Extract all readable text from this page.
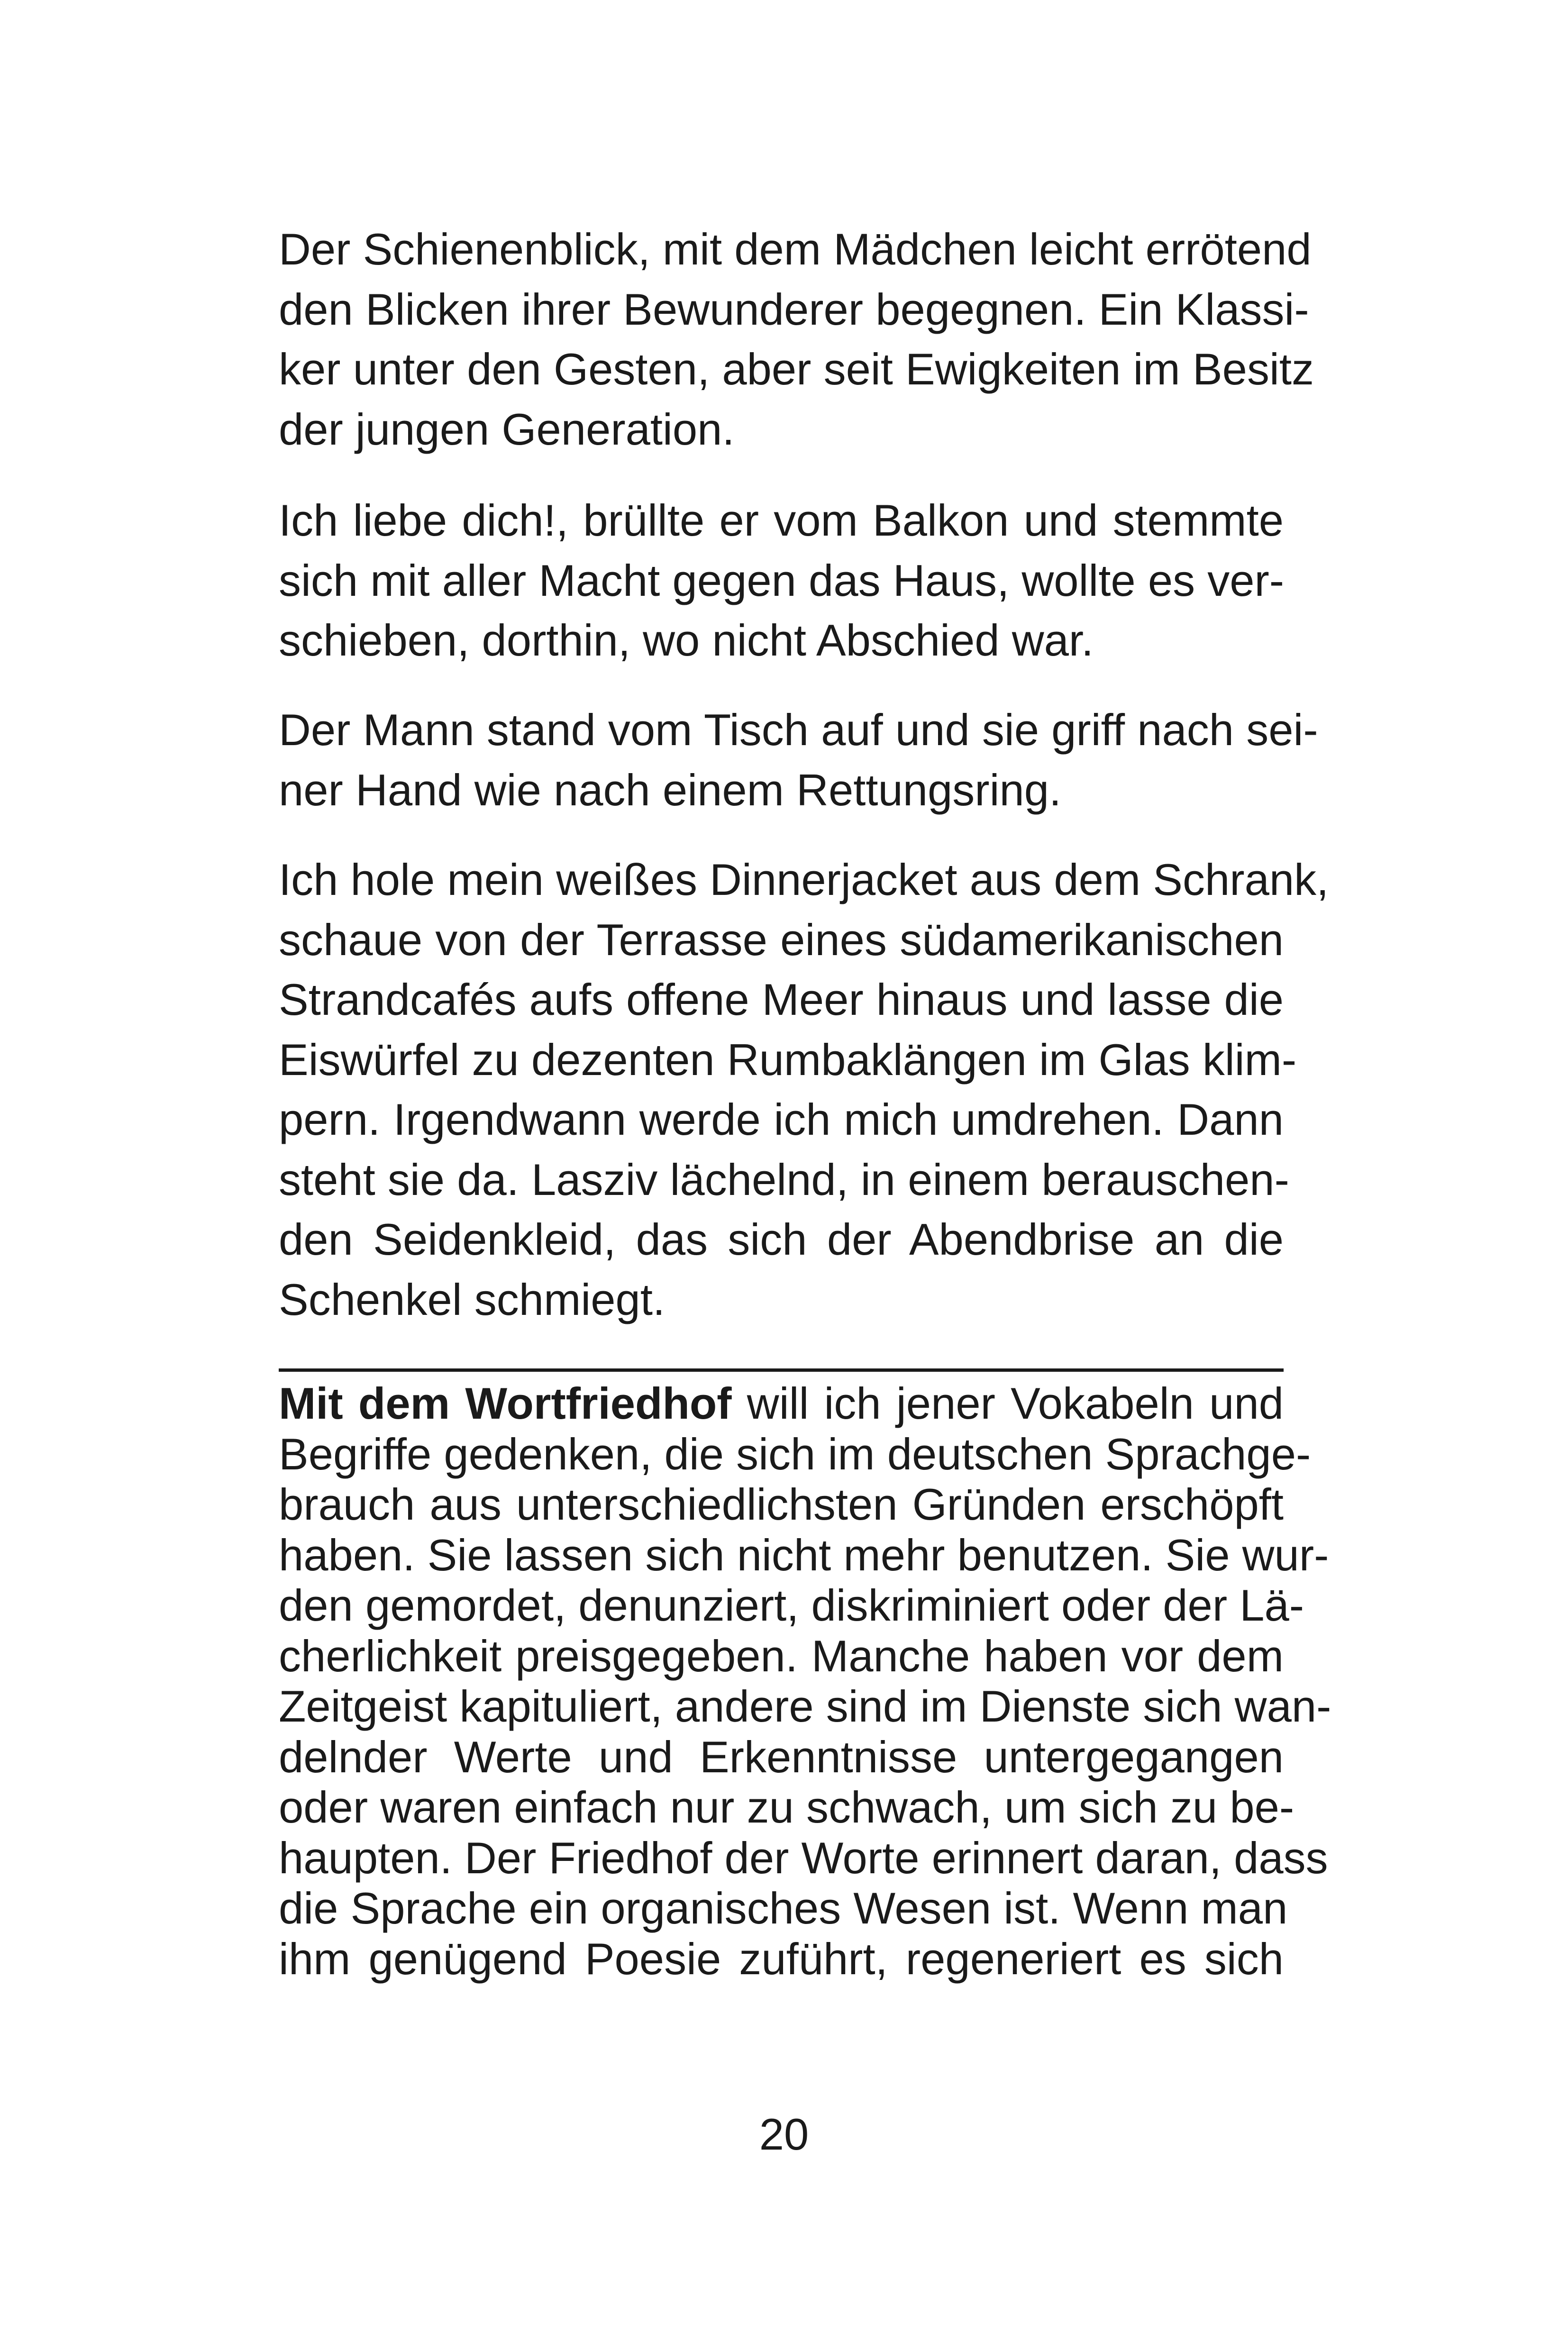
Der Schienenblick, mit dem Mädchen leicht errötend
den Blicken ihrer Bewunderer begegnen. Ein Klassi-
ker unter den Gesten, aber seit Ewigkeiten im Besitz
der jungen Generation.
Ich liebe dich!, brüllte er vom Balkon und stemmte
sich mit aller Macht gegen das Haus, wollte es ver-
schieben, dorthin, wo nicht Abschied war.
Der Mann stand vom Tisch auf und sie griff nach sei-
ner Hand wie nach einem Rettungsring.
Ich hole mein weißes Dinnerjacket aus dem Schrank,
schaue von der Terrasse eines südamerikanischen
Strandcafés aufs offene Meer hinaus und lasse die
Eiswürfel zu dezenten Rumbaklängen im Glas klim-
pern. Irgendwann werde ich mich umdrehen. Dann
steht sie da. Lasziv lächelnd, in einem berauschen-
den Seidenkleid, das sich der Abendbrise an die
Schenkel schmiegt.
Mit dem Wortfriedhof will ich jener Vokabeln und
Begriffe gedenken, die sich im deutschen Sprachge-
brauch aus unterschiedlichsten Gründen erschöpft
haben. Sie lassen sich nicht mehr benutzen. Sie wur-
den gemordet, denunziert, diskriminiert oder der Lä-
cherlichkeit preisgegeben. Manche haben vor dem
Zeitgeist kapituliert, andere sind im Dienste sich wan-
delnder Werte und Erkenntnisse untergegangen
oder waren einfach nur zu schwach, um sich zu be-
haupten. Der Friedhof der Worte erinnert daran, dass
die Sprache ein organisches Wesen ist. Wenn man
ihm genügend Poesie zuführt, regeneriert es sich
20
